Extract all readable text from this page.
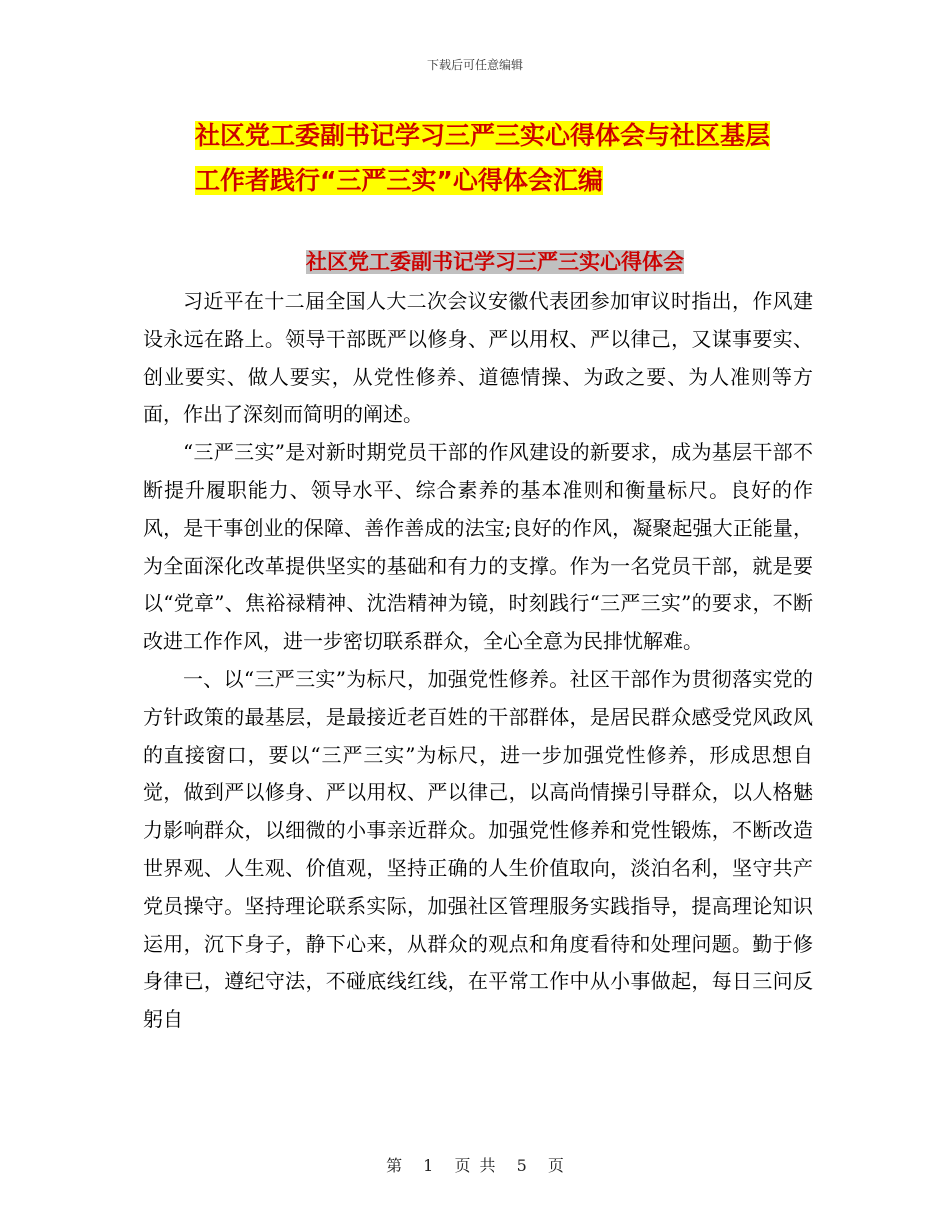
下载后可任意编辑
社区党工委副书记学习三严三实心得体会与社区基层
工作者践行“三严三实”心得体会汇编
社区党工委副书记学习三严三实心得体会

习近平在十二届全国人大二次会议安徽代表团参加审议时指出，作风建设永远在路上。领导干部既严以修身、严以用权、严以律己，又谋事要实、创业要实、做人要实，从党性修养、道德情操、为政之要、为人准则等方面，作出了深刻而简明的阐述。

“三严三实”是对新时期党员干部的作风建设的新要求，成为基层干部不断提升履职能力、领导水平、综合素养的基本准则和衡量标尺。良好的作风，是干事创业的保障、善作善成的法宝;良好的作风，凝聚起强大正能量，为全面深化改革提供坚实的基础和有力的支撑。作为一名党员干部，就是要以“党章”、焦裕禄精神、沈浩精神为镜，时刻践行“三严三实”的要求，不断改进工作作风，进一步密切联系群众，全心全意为民排忧解难。

一、以“三严三实”为标尺，加强党性修养。社区干部作为贯彻落实党的方针政策的最基层，是最接近老百姓的干部群体，是居民群众感受党风政风的直接窗口，要以“三严三实”为标尺，进一步加强党性修养，形成思想自觉，做到严以修身、严以用权、严以律己，以高尚情操引导群众，以人格魅力影响群众，以细微的小事亲近群众。加强党性修养和党性锻炼，不断改造世界观、人生观、价值观，坚持正确的人生价值取向，淡泊名利，坚守共产党员操守。坚持理论联系实际，加强社区管理服务实践指导，提高理论知识运用，沉下身子，静下心来，从群众的观点和角度看待和处理问题。勤于修身律已，遵纪守法，不碰底线红线，在平常工作中从小事做起，每日三问反躬自

第 1 页 共 5 页
